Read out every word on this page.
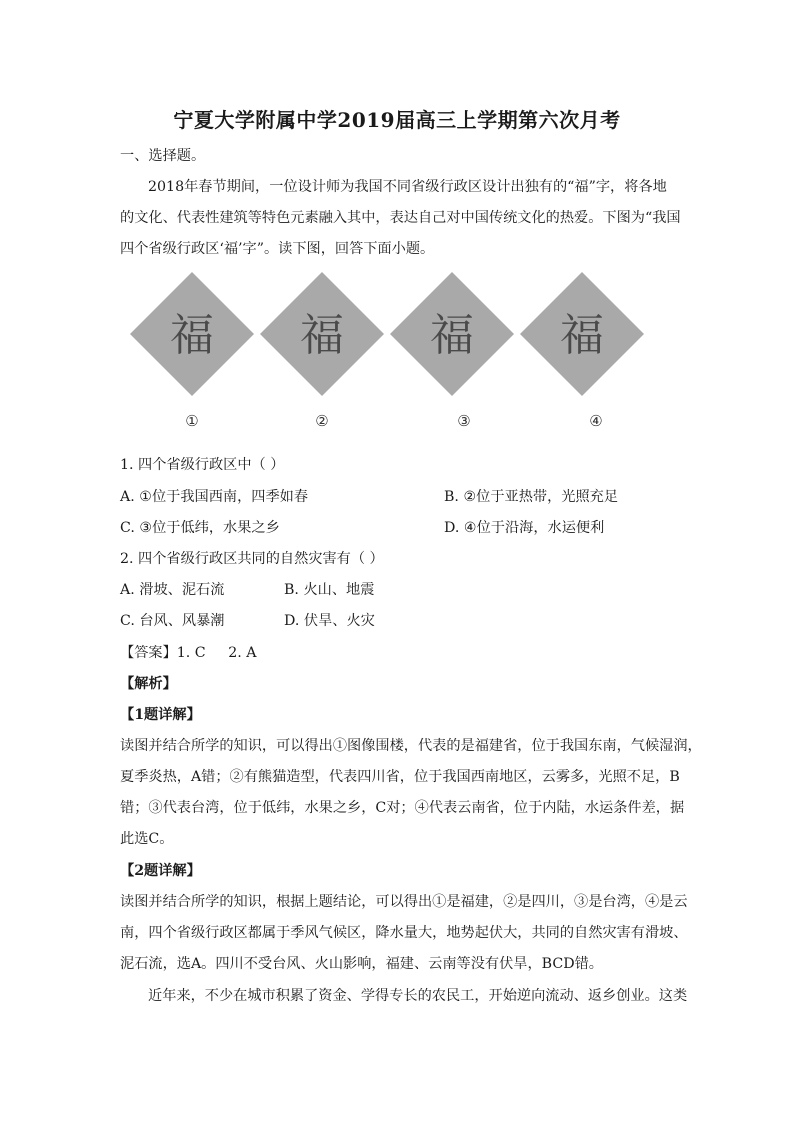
宁夏大学附属中学2019届高三上学期第六次月考
一、选择题。
2018年春节期间，一位设计师为我国不同省级行政区设计出独有的“福”字，将各地
的文化、代表性建筑等特色元素融入其中，表达自己对中国传统文化的热爱。下图为“我国
四个省级行政区‘福’字”。读下图，回答下面小题。
福
①
福
②
福
③
福
④
1. 四个省级行政区中（ ）
A. ①位于我国西南，四季如春	B. ②位于亚热带，光照充足
C. ③位于低纬，水果之乡	D. ④位于沿海，水运便利
2. 四个省级行政区共同的自然灾害有（ ）
A. 滑坡、泥石流	B. 火山、地震
C. 台风、风暴潮	D. 伏旱、火灾
【答案】1. C     2. A
【解析】
【1题详解】
读图并结合所学的知识，可以得出①图像围楼，代表的是福建省，位于我国东南，气候湿润，
夏季炎热，A错；②有熊猫造型，代表四川省，位于我国西南地区，云雾多，光照不足，B
错；③代表台湾，位于低纬，水果之乡，C对；④代表云南省，位于内陆，水运条件差，据
此选C。
【2题详解】
读图并结合所学的知识，根据上题结论，可以得出①是福建，②是四川，③是台湾，④是云
南，四个省级行政区都属于季风气候区，降水量大，地势起伏大，共同的自然灾害有滑坡、
泥石流，选A。四川不受台风、火山影响，福建、云南等没有伏旱，BCD错。
近年来，不少在城市积累了资金、学得专长的农民工，开始逆向流动、返乡创业。这类
